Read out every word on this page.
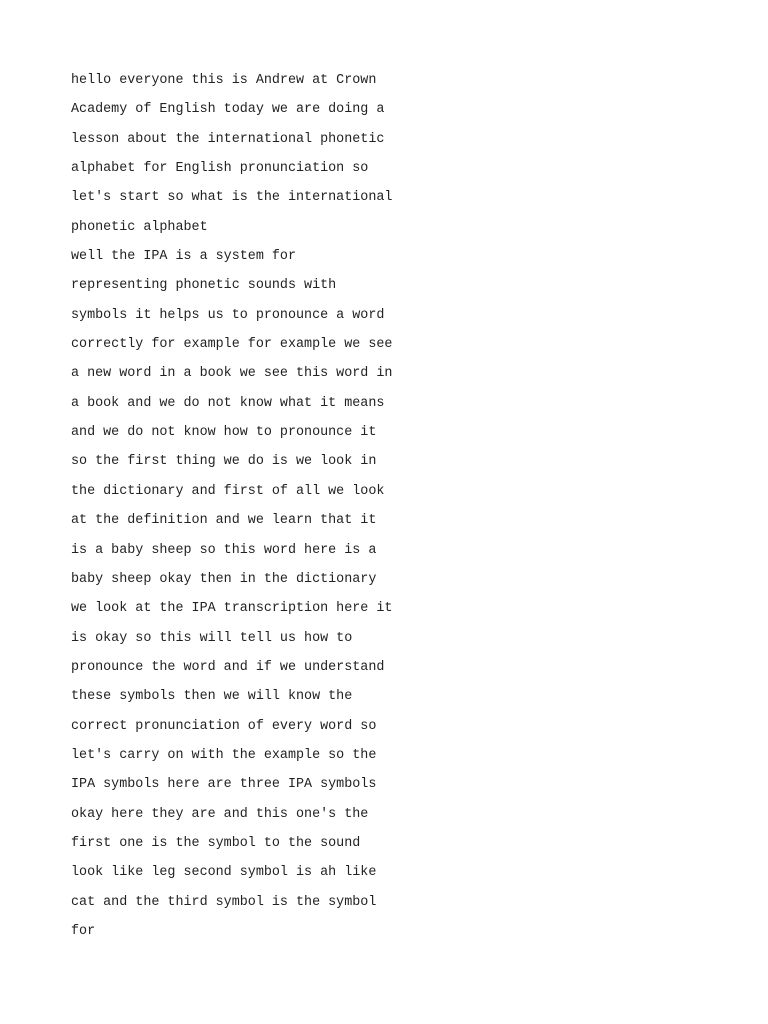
hello everyone this is Andrew at Crown
Academy of English today we are doing a
lesson about the international phonetic
alphabet for English pronunciation so
let's start so what is the international
phonetic alphabet
well the IPA is a system for
representing phonetic sounds with
symbols it helps us to pronounce a word
correctly for example for example we see
a new word in a book we see this word in
a book and we do not know what it means
and we do not know how to pronounce it
so the first thing we do is we look in
the dictionary and first of all we look
at the definition and we learn that it
is a baby sheep so this word here is a
baby sheep okay then in the dictionary
we look at the IPA transcription here it
is okay so this will tell us how to
pronounce the word and if we understand
these symbols then we will know the
correct pronunciation of every word so
let's carry on with the example so the
IPA symbols here are three IPA symbols
okay here they are and this one's the
first one is the symbol to the sound
look like leg second symbol is ah like
cat and the third symbol is the symbol
for
